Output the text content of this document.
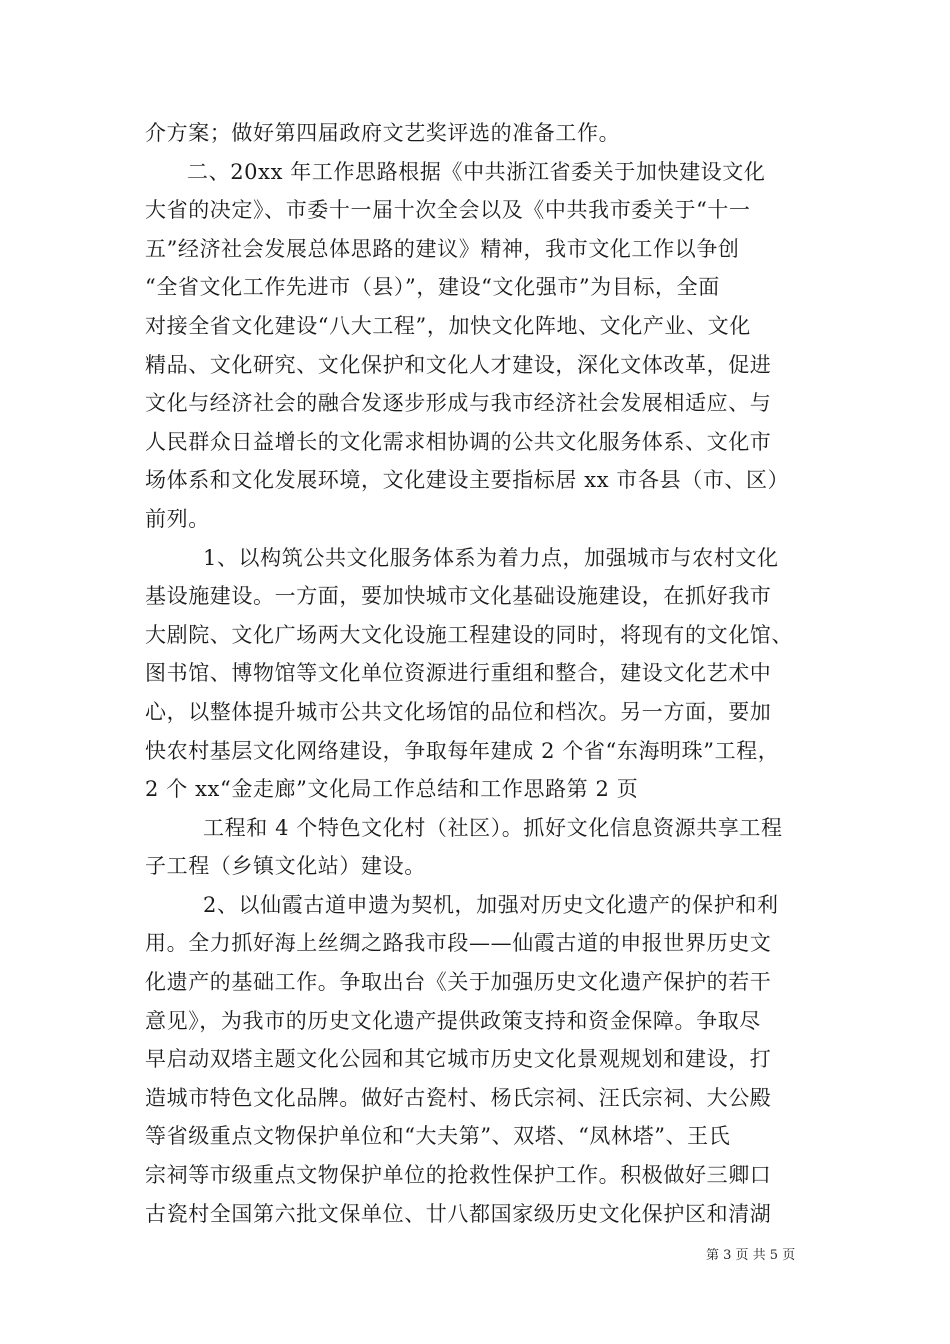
介方案；做好第四届政府文艺奖评选的准备工作。
二、20xx 年工作思路根据《中共浙江省委关于加快建设文化
大省的决定》、市委十一届十次全会以及《中共我市委关于“十一
五”经济社会发展总体思路的建议》精神，我市文化工作以争创
“全省文化工作先进市（县）”，建设“文化强市”为目标，全面
对接全省文化建设“八大工程”，加快文化阵地、文化产业、文化
精品、文化研究、文化保护和文化人才建设，深化文体改革，促进
文化与经济社会的融合发逐步形成与我市经济社会发展相适应、与
人民群众日益增长的文化需求相协调的公共文化服务体系、文化市
场体系和文化发展环境，文化建设主要指标居 xx 市各县（市、区）
前列。
1、以构筑公共文化服务体系为着力点，加强城市与农村文化
基设施建设。一方面，要加快城市文化基础设施建设，在抓好我市
大剧院、文化广场两大文化设施工程建设的同时，将现有的文化馆、
图书馆、博物馆等文化单位资源进行重组和整合，建设文化艺术中
心，以整体提升城市公共文化场馆的品位和档次。另一方面，要加
快农村基层文化网络建设，争取每年建成 2 个省“东海明珠”工程，
2 个 xx“金走廊”文化局工作总结和工作思路第 2 页
工程和 4 个特色文化村（社区）。抓好文化信息资源共享工程
子工程（乡镇文化站）建设。
2、以仙霞古道申遗为契机，加强对历史文化遗产的保护和利
用。全力抓好海上丝绸之路我市段——仙霞古道的申报世界历史文
化遗产的基础工作。争取出台《关于加强历史文化遗产保护的若干
意见》，为我市的历史文化遗产提供政策支持和资金保障。争取尽
早启动双塔主题文化公园和其它城市历史文化景观规划和建设，打
造城市特色文化品牌。做好古瓷村、杨氏宗祠、汪氏宗祠、大公殿
等省级重点文物保护单位和“大夫第”、双塔、“凤林塔”、王氏
宗祠等市级重点文物保护单位的抢救性保护工作。积极做好三卿口
古瓷村全国第六批文保单位、廿八都国家级历史文化保护区和清湖
第 3 页 共 5 页
